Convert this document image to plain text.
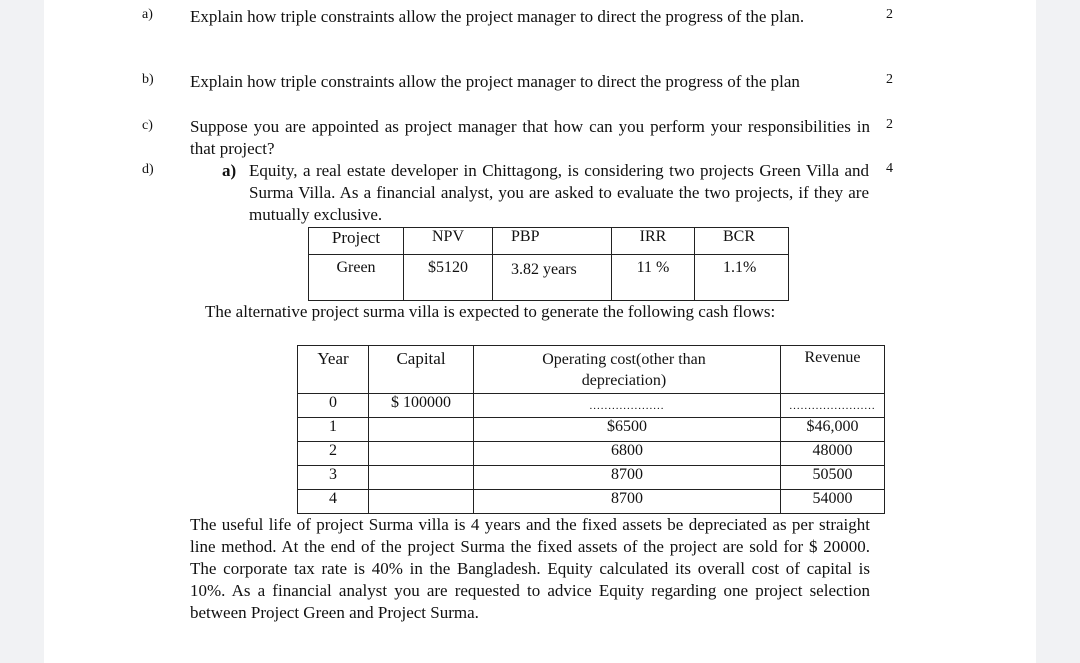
a) Explain how triple constraints allow the project manager to direct the progress of the plan.	2
b) Explain how triple constraints allow the project manager to direct the progress of the plan	2
c) Suppose you are appointed as project manager that how can you perform your responsibilities in that project?
2
d)	4
a) Equity, a real estate developer in Chittagong, is considering two projects Green Villa and Surma Villa. As a financial analyst, you are asked to evaluate the two projects, if they are mutually exclusive.
Project	NPV	PBP	IRR	BCR
Green	$5120	3.82 years	11 %	1.1%
The alternative project surma villa is expected to generate the following cash flows:
Year	Capital	Operating cost(other than depreciation)	Revenue
0	$ 100000	....................	.......................
1		$6500	$46,000
2		6800	48000
3		8700	50500
4		8700	54000
The useful life of project Surma villa is 4 years and the fixed assets be depreciated as per straight line method. At the end of the project Surma the fixed assets of the project are sold for $ 20000. The corporate tax rate is 40% in the Bangladesh. Equity calculated its overall cost of capital is 10%. As a financial analyst you are requested to advice Equity regarding one project selection between Project Green and Project Surma.
